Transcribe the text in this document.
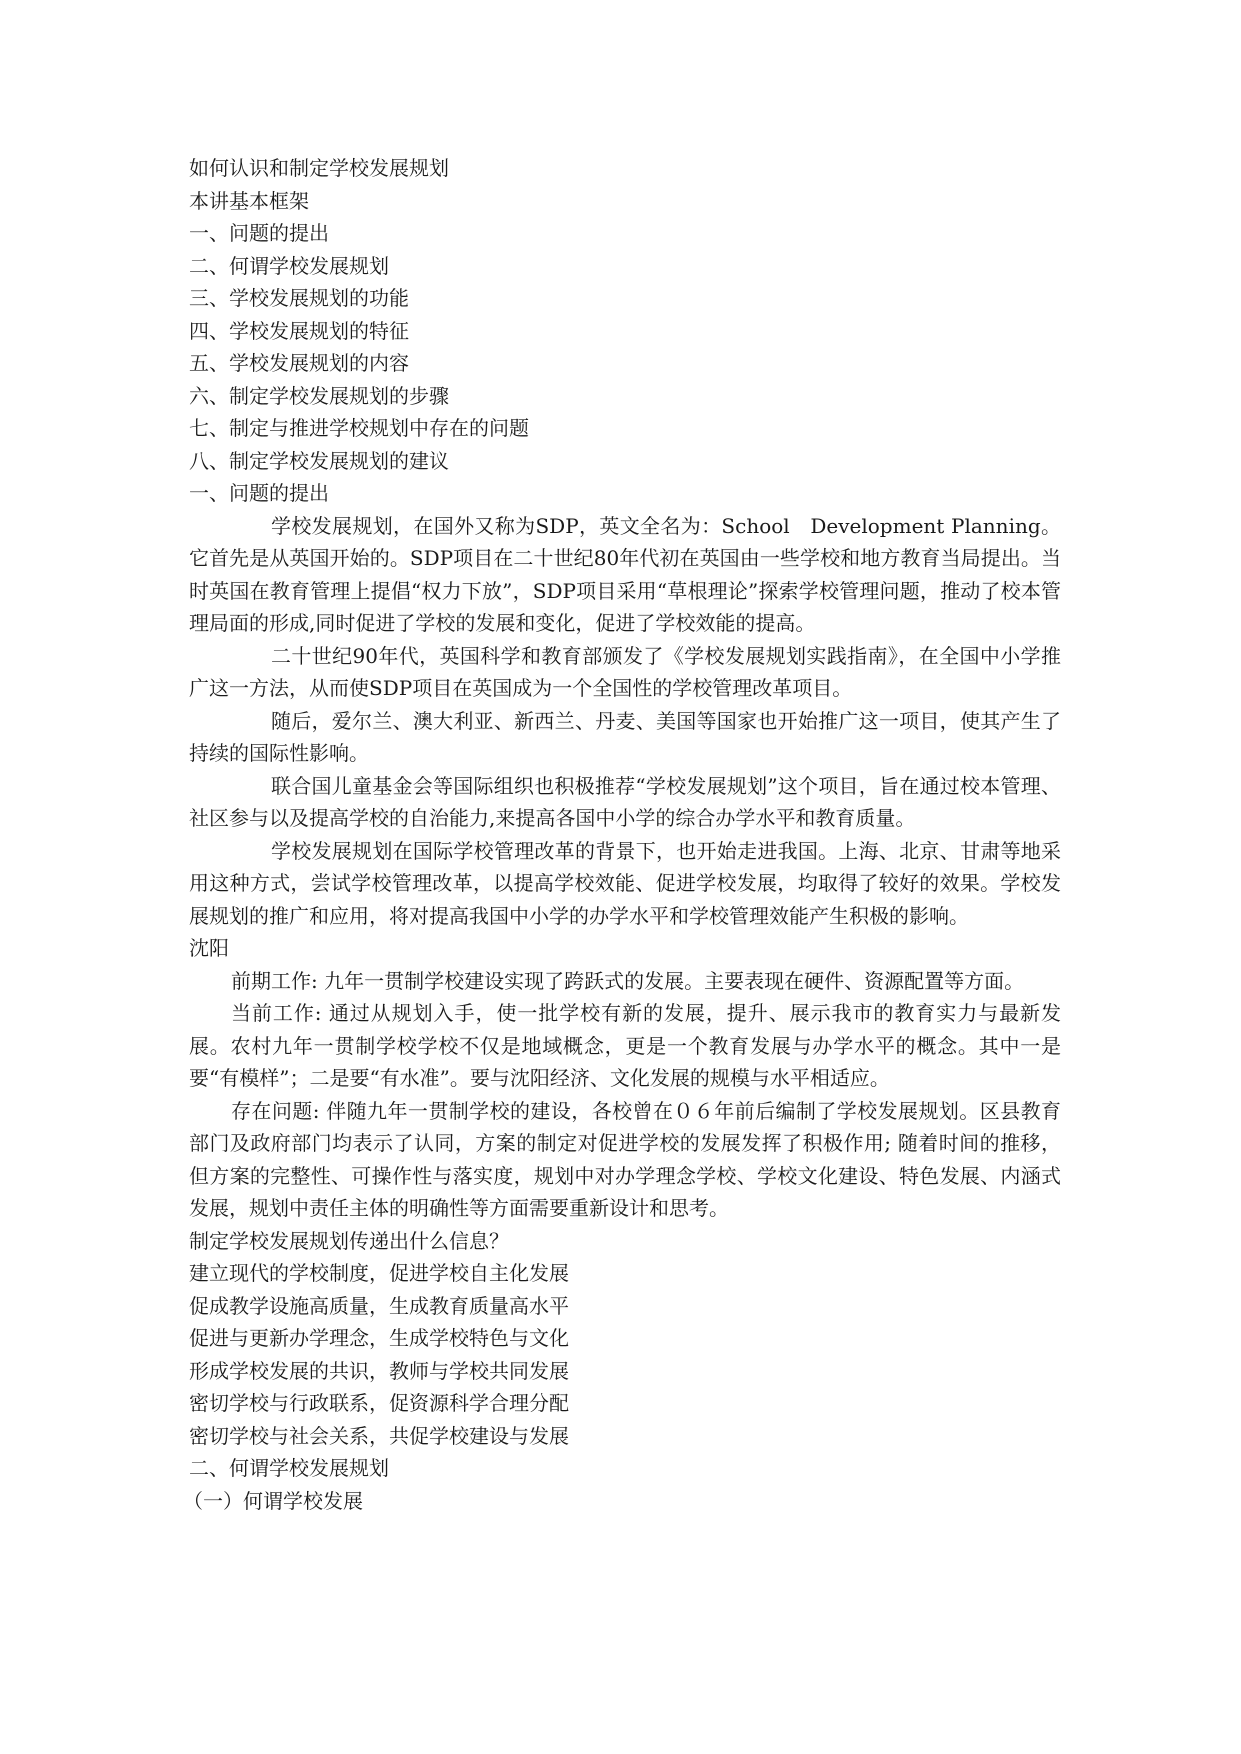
如何认识和制定学校发展规划

本讲基本框架

一、问题的提出

二、何谓学校发展规划

三、学校发展规划的功能

四、学校发展规划的特征

五、学校发展规划的内容

六、制定学校发展规划的步骤

七、制定与推进学校规划中存在的问题

八、制定学校发展规划的建议

一、问题的提出

学校发展规划，在国外又称为SDP，英文全名为：School　Development Planning。它首先是从英国开始的。SDP项目在二十世纪80年代初在英国由一些学校和地方教育当局提出。当时英国在教育管理上提倡“权力下放”，SDP项目采用“草根理论”探索学校管理问题，推动了校本管理局面的形成,同时促进了学校的发展和变化，促进了学校效能的提高。

二十世纪90年代，英国科学和教育部颁发了《学校发展规划实践指南》，在全国中小学推广这一方法，从而使SDP项目在英国成为一个全国性的学校管理改革项目。

随后，爱尔兰、澳大利亚、新西兰、丹麦、美国等国家也开始推广这一项目，使其产生了持续的国际性影响。

联合国儿童基金会等国际组织也积极推荐“学校发展规划”这个项目，旨在通过校本管理、社区参与以及提高学校的自治能力,来提高各国中小学的综合办学水平和教育质量。

学校发展规划在国际学校管理改革的背景下，也开始走进我国。上海、北京、甘肃等地采用这种方式，尝试学校管理改革，以提高学校效能、促进学校发展，均取得了较好的效果。学校发展规划的推广和应用，将对提高我国中小学的办学水平和学校管理效能产生积极的影响。

沈阳

前期工作: 九年一贯制学校建设实现了跨跃式的发展。主要表现在硬件、资源配置等方面。

当前工作: 通过从规划入手，使一批学校有新的发展，提升、展示我市的教育实力与最新发展。农村九年一贯制学校学校不仅是地域概念，更是一个教育发展与办学水平的概念。其中一是要“有模样”；二是要“有水准”。要与沈阳经济、文化发展的规模与水平相适应。

存在问题: 伴随九年一贯制学校的建设，各校曾在０６年前后编制了学校发展规划。区县教育部门及政府部门均表示了认同，方案的制定对促进学校的发展发挥了积极作用; 随着时间的推移，但方案的完整性、可操作性与落实度，规划中对办学理念学校、学校文化建设、特色发展、内涵式发展，规划中责任主体的明确性等方面需要重新设计和思考。

制定学校发展规划传递出什么信息？

建立现代的学校制度，促进学校自主化发展

促成教学设施高质量，生成教育质量高水平

促进与更新办学理念，生成学校特色与文化

形成学校发展的共识，教师与学校共同发展

密切学校与行政联系，促资源科学合理分配

密切学校与社会关系，共促学校建设与发展

二、何谓学校发展规划

（一）何谓学校发展
